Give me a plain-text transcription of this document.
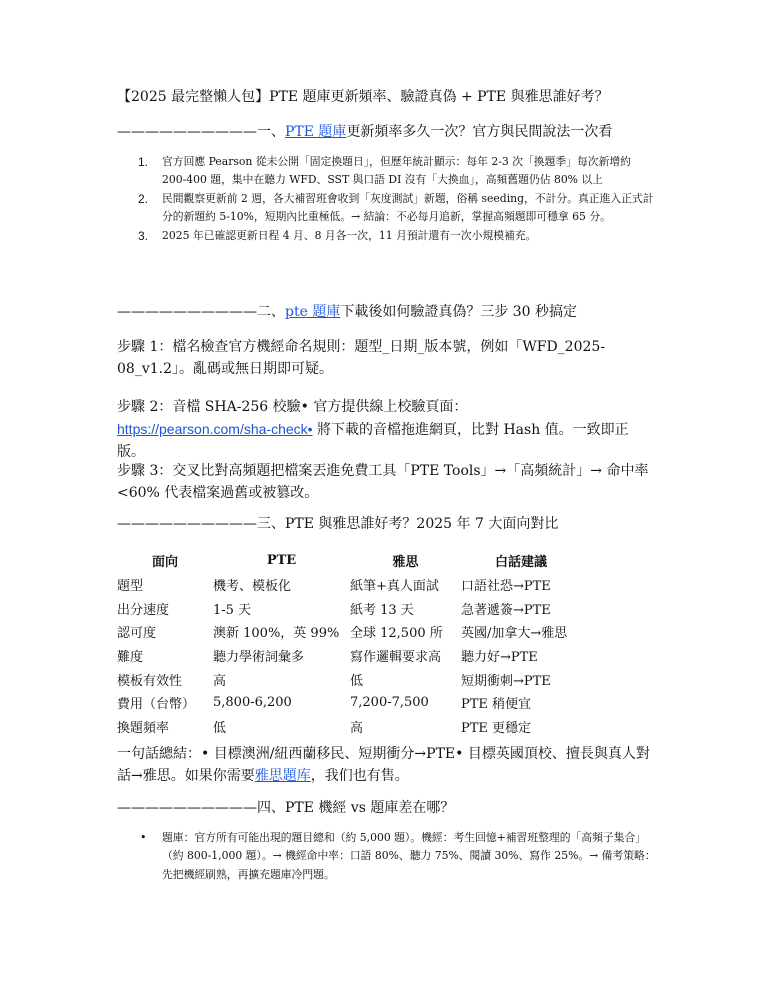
【2025 最完整懶人包】PTE 題庫更新頻率、驗證真偽 + PTE 與雅思誰好考？
——————————一、PTE 題庫更新頻率多久一次？官方與民間說法一次看
1. 官方回應 Pearson 從未公開「固定換題日」，但歷年統計顯示：每年 2-3 次「換題季」每次新增約 200-400 題，集中在聽力 WFD、SST 與口語 DI 沒有「大換血」，高頻舊題仍佔 80% 以上
2. 民間觀察更新前 2 週，各大補習班會收到「灰度測試」新題，俗稱 seeding，不計分。真正進入正式計分的新題約 5-10%，短期內比重極低。→ 結論：不必每月追新，掌握高頻題即可穩拿 65 分。
3. 2025 年已確認更新日程 4 月、8 月各一次，11 月預計還有一次小規模補充。
——————————二、pte 題庫下載後如何驗證真偽？三步 30 秒搞定
步驟 1：檔名檢查官方機經命名規則：題型_日期_版本號，例如「WFD_2025-08_v1.2」。亂碼或無日期即可疑。
步驟 2：音檔 SHA-256 校驗• 官方提供線上校驗頁面：
https://pearson.com/sha-check• 將下載的音檔拖進網頁，比對 Hash 值。一致即正版。
步驟 3：交叉比對高頻題把檔案丟進免費工具「PTE Tools」→「高頻統計」→ 命中率<60% 代表檔案過舊或被篡改。
——————————三、PTE 與雅思誰好考？2025 年 7 大面向對比
面向	PTE	雅思	白話建議
題型	機考、模板化	紙筆+真人面試	口語社恐→PTE
出分速度	1-5 天	紙考 13 天	急著遞簽→PTE
認可度	澳新 100%，英 99%	全球 12,500 所	英國/加拿大→雅思
難度	聽力學術詞彙多	寫作邏輯要求高	聽力好→PTE
模板有效性	高	低	短期衝刺→PTE
費用（台幣）	5,800-6,200	7,200-7,500	PTE 稍便宜
換題頻率	低	高	PTE 更穩定
一句話總結：• 目標澳洲/紐西蘭移民、短期衝分→PTE• 目標英國頂校、擅長與真人對話→雅思。如果你需要雅思題库，我们也有售。
——————————四、PTE 機經 vs 題庫差在哪？
• 題庫：官方所有可能出現的題目總和（約 5,000 題）。機經：考生回憶+補習班整理的「高頻子集合」（約 800-1,000 題）。→ 機經命中率：口語 80%、聽力 75%、閱讀 30%、寫作 25%。→ 備考策略：先把機經刷熟，再擴充題庫冷門題。
